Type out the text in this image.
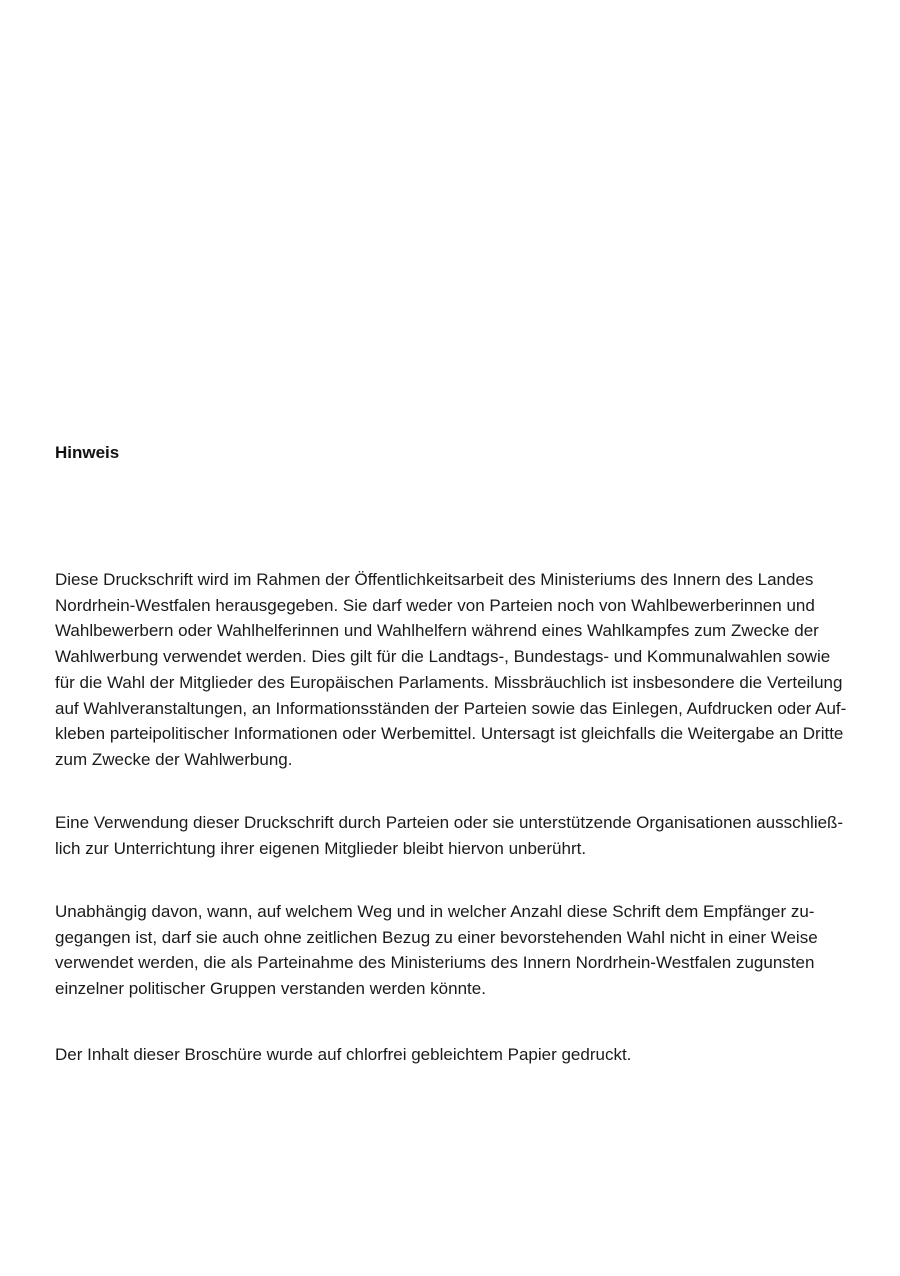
Hinweis

Diese Druckschrift wird im Rahmen der Öffentlichkeitsarbeit des Ministeriums des Innern des Landes
Nordrhein-Westfalen herausgegeben. Sie darf weder von Parteien noch von Wahlbewerberinnen und
Wahlbewerbern oder Wahlhelferinnen und Wahlhelfern während eines Wahlkampfes zum Zwecke der
Wahlwerbung verwendet werden. Dies gilt für die Landtags-, Bundestags- und Kommunalwahlen sowie
für die Wahl der Mitglieder des Europäischen Parlaments. Missbräuchlich ist insbesondere die Verteilung
auf Wahlveranstaltungen, an Informationsständen der Parteien sowie das Einlegen, Aufdrucken oder Auf-
kleben parteipolitischer Informationen oder Werbemittel. Untersagt ist gleichfalls die Weitergabe an Dritte
zum Zwecke der Wahlwerbung.

Eine Verwendung dieser Druckschrift durch Parteien oder sie unterstützende Organisationen ausschließ-
lich zur Unterrichtung ihrer eigenen Mitglieder bleibt hiervon unberührt.

Unabhängig davon, wann, auf welchem Weg und in welcher Anzahl diese Schrift dem Empfänger zu-
gegangen ist, darf sie auch ohne zeitlichen Bezug zu einer bevorstehenden Wahl nicht in einer Weise
verwendet werden, die als Parteinahme des Ministeriums des Innern Nordrhein-Westfalen zugunsten
einzelner politischer Gruppen verstanden werden könnte.

Der Inhalt dieser Broschüre wurde auf chlorfrei gebleichtem Papier gedruckt.
